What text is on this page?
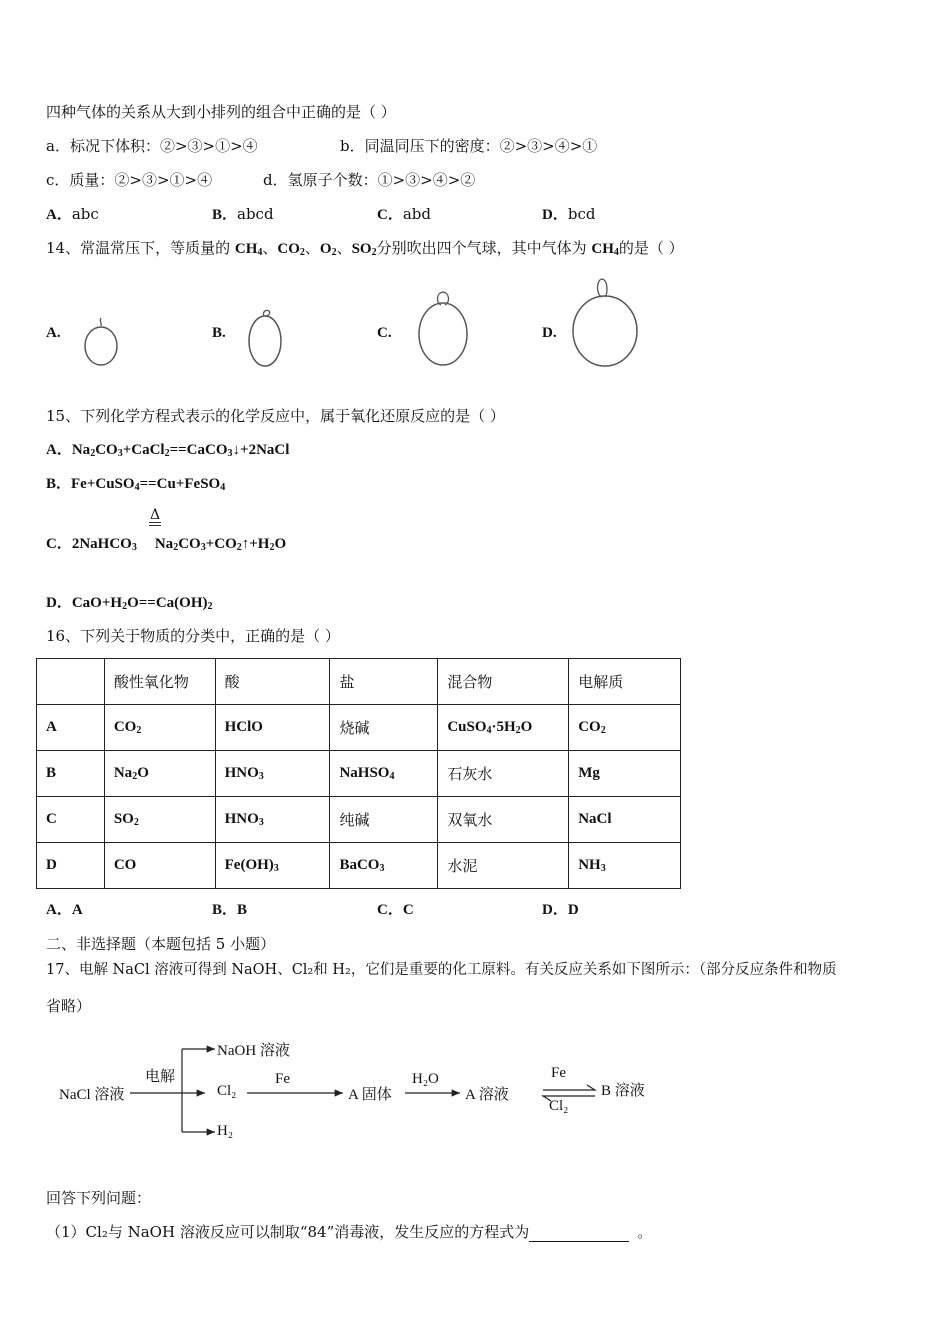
四种气体的关系从大到小排列的组合中正确的是（ ）
a．标况下体积：②>③>①>④	b．同温同压下的密度：②>③>④>①
c．质量：②>③>①>④	d．氢原子个数：①>③>④>②
A．abc	B．abcd	C．abd	D．bcd
14、常温常压下，等质量的 $CH_4$、$CO_2$、$O_2$、$SO_2$分别吹出四个气球，其中气体为 $CH_4$的是（ ）
A.	B.	C.	D.
15、下列化学方程式表示的化学反应中，属于氧化还原反应的是（ ）
A．$Na_2CO_3+CaCl_2==CaCO_3↓+2NaCl$
B．Fe+CuSO$_4$==Cu+FeSO$_4$
Δ
C．2NaHCO$_3$ $Na_2CO_3+CO_2↑+H_2O$
D．$CaO+H_2O==Ca(OH)_2$
16、下列关于物质的分类中，正确的是（ ）
	酸性氧化物	酸	盐	混合物	电解质
A	$CO_2$	HClO	烧碱	$CuSO_4\cdot 5H_2O$	$CO_2$
B	$Na_2O$	$HNO_3$	NaHSO$_4$	石灰水	Mg
C	$SO_2$	$HNO_3$	纯碱	双氧水	NaCl
D	CO	$Fe(OH)_3$	BaCO$_3$	水泥	$NH_3$
A．A	B．B	C．C	D．D
二、非选择题（本题包括 5 小题）
17、电解 NaCl 溶液可得到 NaOH、Cl₂和 H₂，它们是重要的化工原料。有关反应关系如下图所示：（部分反应条件和物质
省略）
NaCl 溶液
电解
NaOH 溶液
Cl₂
H₂
Fe
A 固体
H₂O
A 溶液
Fe
Cl₂
B 溶液
回答下列问题：
（1）Cl₂与 NaOH 溶液反应可以制取“84”消毒液，发生反应的方程式为	。
